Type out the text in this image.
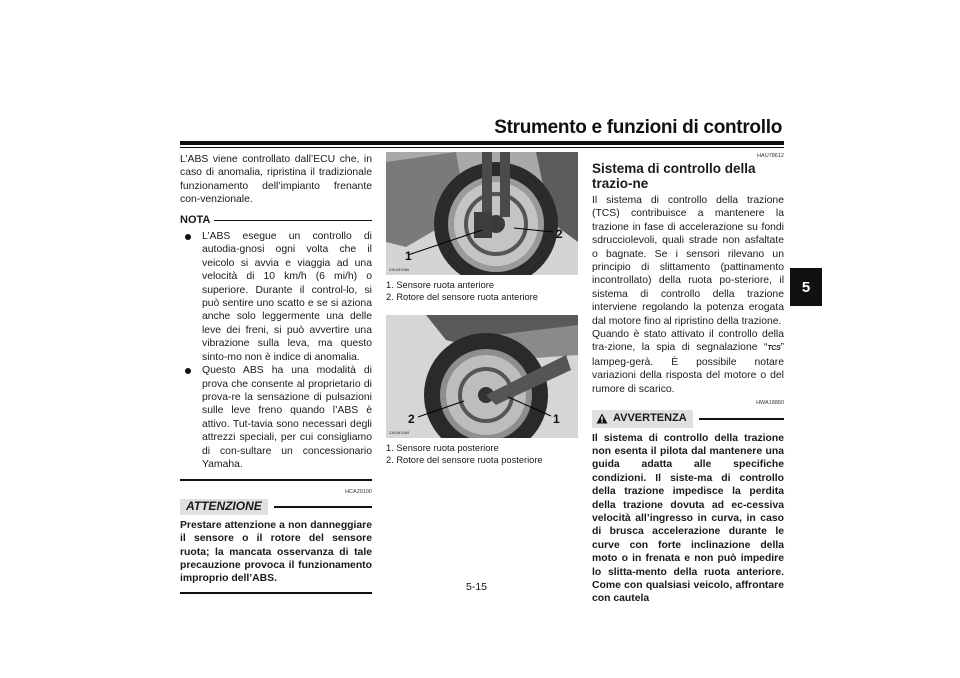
Strumento e funzioni di controllo
5

L’ABS viene controllato dall’ECU che, in caso di anomalia, ripristina il tradizionale funzionamento dell’impianto frenante con-venzionale.

NOTA
L’ABS esegue un controllo di autodia-gnosi ogni volta che il veicolo si avvia e viaggia ad una velocità di 10 km/h (6 mi/h) o superiore. Durante il control-lo, si può sentire uno scatto e se si aziona anche solo leggermente una delle leve dei freni, si può avvertire una vibrazione sulla leva, ma questo sinto-mo non è indice di anomalia.
Questo ABS ha una modalità di prova che consente al proprietario di prova-re la sensazione di pulsazioni sulle leve freno quando l’ABS è attivo. Tut-tavia sono necessari degli attrezzi speciali, per cui consigliamo di con-sultare un concessionario Yamaha.
HCA20100
ATTENZIONE

Prestare attenzione a non danneggiare il sensore o il rotore del sensore ruota; la mancata osservanza di tale precauzione provoca il funzionamento improprio dell’ABS.

1
2
ZAUM1666
1. Sensore ruota anteriore
2. Rotore del sensore ruota anteriore
2	1
ZAUM1668
1. Sensore ruota posteriore
2. Rotore del sensore ruota posteriore
HAU78612
Sistema di controllo della trazio-ne

Il sistema di controllo della trazione (TCS) contribuisce a mantenere la trazione in fase di accelerazione su fondi sdrucciolevoli, quali strade non asfaltate o bagnate. Se i sensori rilevano un principio di slittamento (pattinamento incontrollato) della ruota po-steriore, il sistema di controllo della trazione interviene regolando la potenza erogata dal motore fino al ripristino della trazione.

Quando è stato attivato il controllo della tra-zione, la spia di segnalazione “TCS” lampeg-gerà. È possibile notare variazioni della risposta del motore o del rumore di scarico.

HWA18860
AVVERTENZA

Il sistema di controllo della trazione non esenta il pilota dal mantenere una guida adatta alle specifiche condizioni. Il siste-ma di controllo della trazione impedisce la perdita della trazione dovuta ad ec-cessiva velocità all’ingresso in curva, in caso di brusca accelerazione durante le curve con forte inclinazione della moto o in frenata e non può impedire lo slitta-mento della ruota anteriore. Come con qualsiasi veicolo, affrontare con cautela

5-15
